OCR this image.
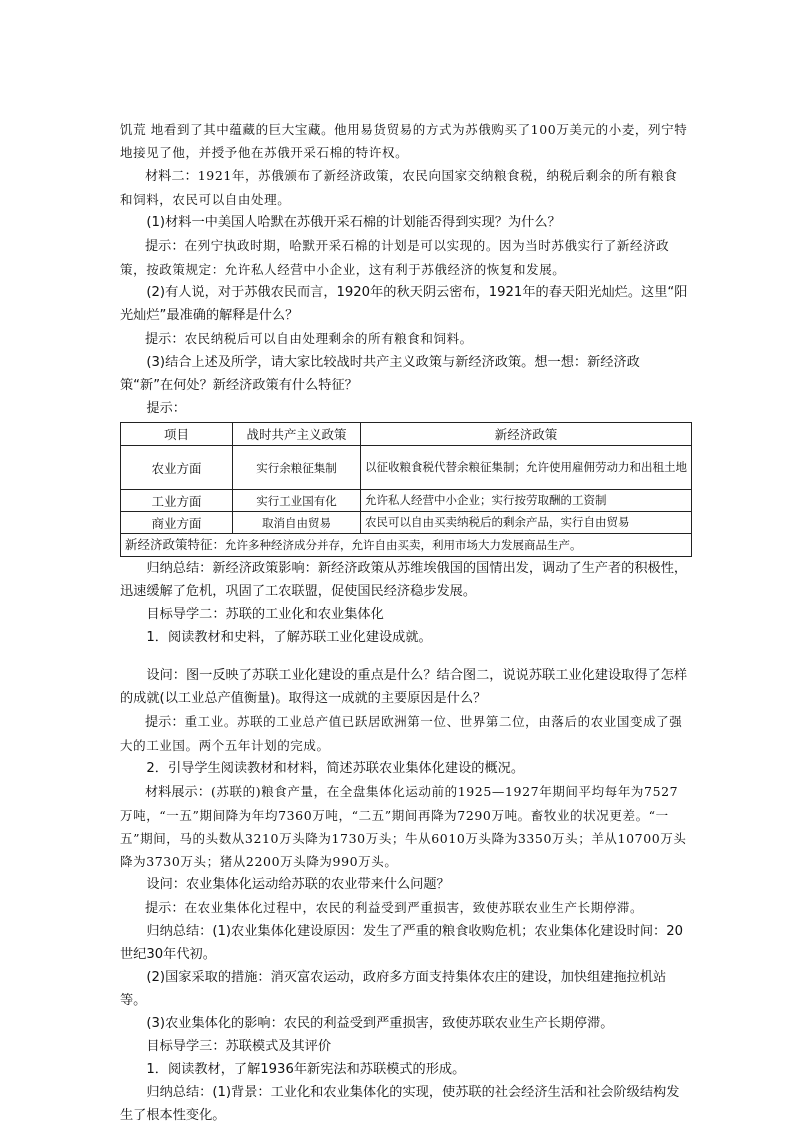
饥荒 地看到了其中蕴藏的巨大宝藏。他用易货贸易的方式为苏俄购买了100万美元的小麦，列宁特地接见了他，并授予他在苏俄开采石棉的特许权。

材料二：1921年，苏俄颁布了新经济政策，农民向国家交纳粮食税，纳税后剩余的所有粮食和饲料，农民可以自由处理。

(1)材料一中美国人哈默在苏俄开采石棉的计划能否得到实现？为什么？

提示：在列宁执政时期，哈默开采石棉的计划是可以实现的。因为当时苏俄实行了新经济政策，按政策规定：允许私人经营中小企业，这有利于苏俄经济的恢复和发展。

(2)有人说，对于苏俄农民而言，1920年的秋天阴云密布，1921年的春天阳光灿烂。这里“阳光灿烂”最准确的解释是什么？

提示：农民纳税后可以自由处理剩余的所有粮食和饲料。

(3)结合上述及所学，请大家比较战时共产主义政策与新经济政策。想一想：新经济政策“新”在何处？新经济政策有什么特征？

提示：

项目	战时共产主义政策	新经济政策
农业方面	实行余粮征集制	以征收粮食税代替余粮征集制；允许使用雇佣劳动力和出租土地
工业方面	实行工业国有化	允许私人经营中小企业；实行按劳取酬的工资制
商业方面	取消自由贸易	农民可以自由买卖纳税后的剩余产品，实行自由贸易
新经济政策特征：允许多种经济成分并存，允许自由买卖，利用市场大力发展商品生产。		

归纳总结：新经济政策影响：新经济政策从苏维埃俄国的国情出发，调动了生产者的积极性，迅速缓解了危机，巩固了工农联盟，促使国民经济稳步发展。

目标导学二：苏联的工业化和农业集体化

1．阅读教材和史料，了解苏联工业化建设成就。

设问：图一反映了苏联工业化建设的重点是什么？结合图二，说说苏联工业化建设取得了怎样的成就(以工业总产值衡量)。取得这一成就的主要原因是什么？

提示：重工业。苏联的工业总产值已跃居欧洲第一位、世界第二位，由落后的农业国变成了强大的工业国。两个五年计划的完成。

2．引导学生阅读教材和材料，简述苏联农业集体化建设的概况。

材料展示：(苏联的)粮食产量，在全盘集体化运动前的1925—1927年期间平均每年为7527万吨，“一五”期间降为年均7360万吨，“二五”期间再降为7290万吨。畜牧业的状况更差。“一五”期间，马的头数从3210万头降为1730万头；牛从6010万头降为3350万头；羊从10700万头降为3730万头；猪从2200万头降为990万头。

设问：农业集体化运动给苏联的农业带来什么问题？

提示：在农业集体化过程中，农民的利益受到严重损害，致使苏联农业生产长期停滞。

归纳总结：(1)农业集体化建设原因：发生了严重的粮食收购危机；农业集体化建设时间：20世纪30年代初。

(2)国家采取的措施：消灭富农运动，政府多方面支持集体农庄的建设，加快组建拖拉机站等。

(3)农业集体化的影响：农民的利益受到严重损害，致使苏联农业生产长期停滞。

目标导学三：苏联模式及其评价

1．阅读教材，了解1936年新宪法和苏联模式的形成。

归纳总结：(1)背景：工业化和农业集体化的实现，使苏联的社会经济生活和社会阶级结构发生了根本性变化。
